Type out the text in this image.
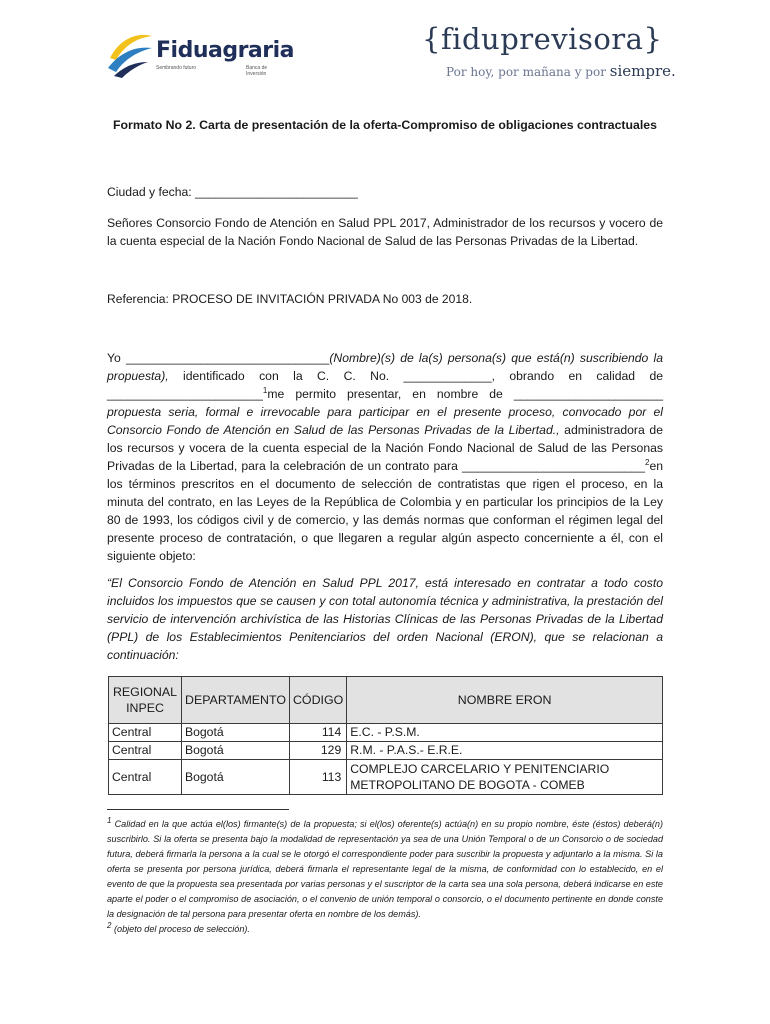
Fiduagraria
Sembrando futuro	Banca de Inversión
{fiduprevisora}
Por hoy, por mañana y por siempre.
Formato No 2. Carta de presentación de la oferta-Compromiso de obligaciones contractuales

Ciudad y fecha: ________________________

Señores Consorcio Fondo de Atención en Salud PPL 2017, Administrador de los recursos y vocero de la cuenta especial de la Nación Fondo Nacional de Salud de las Personas Privadas de la Libertad.

Referencia: PROCESO DE INVITACIÓN PRIVADA No 003 de 2018.

Yo ______________________________(Nombre)(s) de la(s) persona(s) que está(n) suscribiendo la propuesta), identificado con la C. C. No. _____________, obrando en calidad de _______________________$^1$me permito presentar, en nombre de ______________________ propuesta seria, formal e irrevocable para participar en el presente proceso, convocado por el Consorcio Fondo de Atención en Salud de las Personas Privadas de la Libertad., administradora de los recursos y vocera de la cuenta especial de la Nación Fondo Nacional de Salud de las Personas Privadas de la Libertad, para la celebración de un contrato para ___________________________$^2$en los términos prescritos en el documento de selección de contratistas que rigen el proceso, en la minuta del contrato, en las Leyes de la República de Colombia y en particular los principios de la Ley 80 de 1993, los códigos civil y de comercio, y las demás normas que conforman el régimen legal del presente proceso de contratación, o que llegaren a regular algún aspecto concerniente a él, con el siguiente objeto:

“El Consorcio Fondo de Atención en Salud PPL 2017, está interesado en contratar a todo costo incluidos los impuestos que se causen y con total autonomía técnica y administrativa, la prestación del servicio de intervención archivística de las Historias Clínicas de las Personas Privadas de la Libertad (PPL) de los Establecimientos Penitenciarios del orden Nacional (ERON), que se relacionan a continuación:

REGIONAL
INPEC	DEPARTAMENTO	CÓDIGO	NOMBRE ERON
Central	Bogotá	114	E.C. - P.S.M.
Central	Bogotá	129	R.M. - P.A.S.- E.R.E.
Central	Bogotá	113	COMPLEJO CARCELARIO Y PENITENCIARIO
METROPOLITANO DE BOGOTA - COMEB

$^1$ Calidad en la que actúa el(los) firmante(s) de la propuesta; si el(los) oferente(s) actúa(n) en su propio nombre, éste (éstos) deberá(n) suscribirlo. Si la oferta se presenta bajo la modalidad de representación ya sea de una Unión Temporal o de un Consorcio o de sociedad futura, deberá firmarla la persona a la cual se le otorgó el correspondiente poder para suscribir la propuesta y adjuntarlo a la misma. Si la oferta se presenta por persona jurídica, deberá firmarla el representante legal de la misma, de conformidad con lo establecido, en el evento de que la propuesta sea presentada por varias personas y el suscriptor de la carta sea una sola persona, deberá indicarse en este aparte el poder o el compromiso de asociación, o el convenio de unión temporal o consorcio, o el documento pertinente en donde conste la designación de tal persona para presentar oferta en nombre de los demás).

$^2$ (objeto del proceso de selección).
